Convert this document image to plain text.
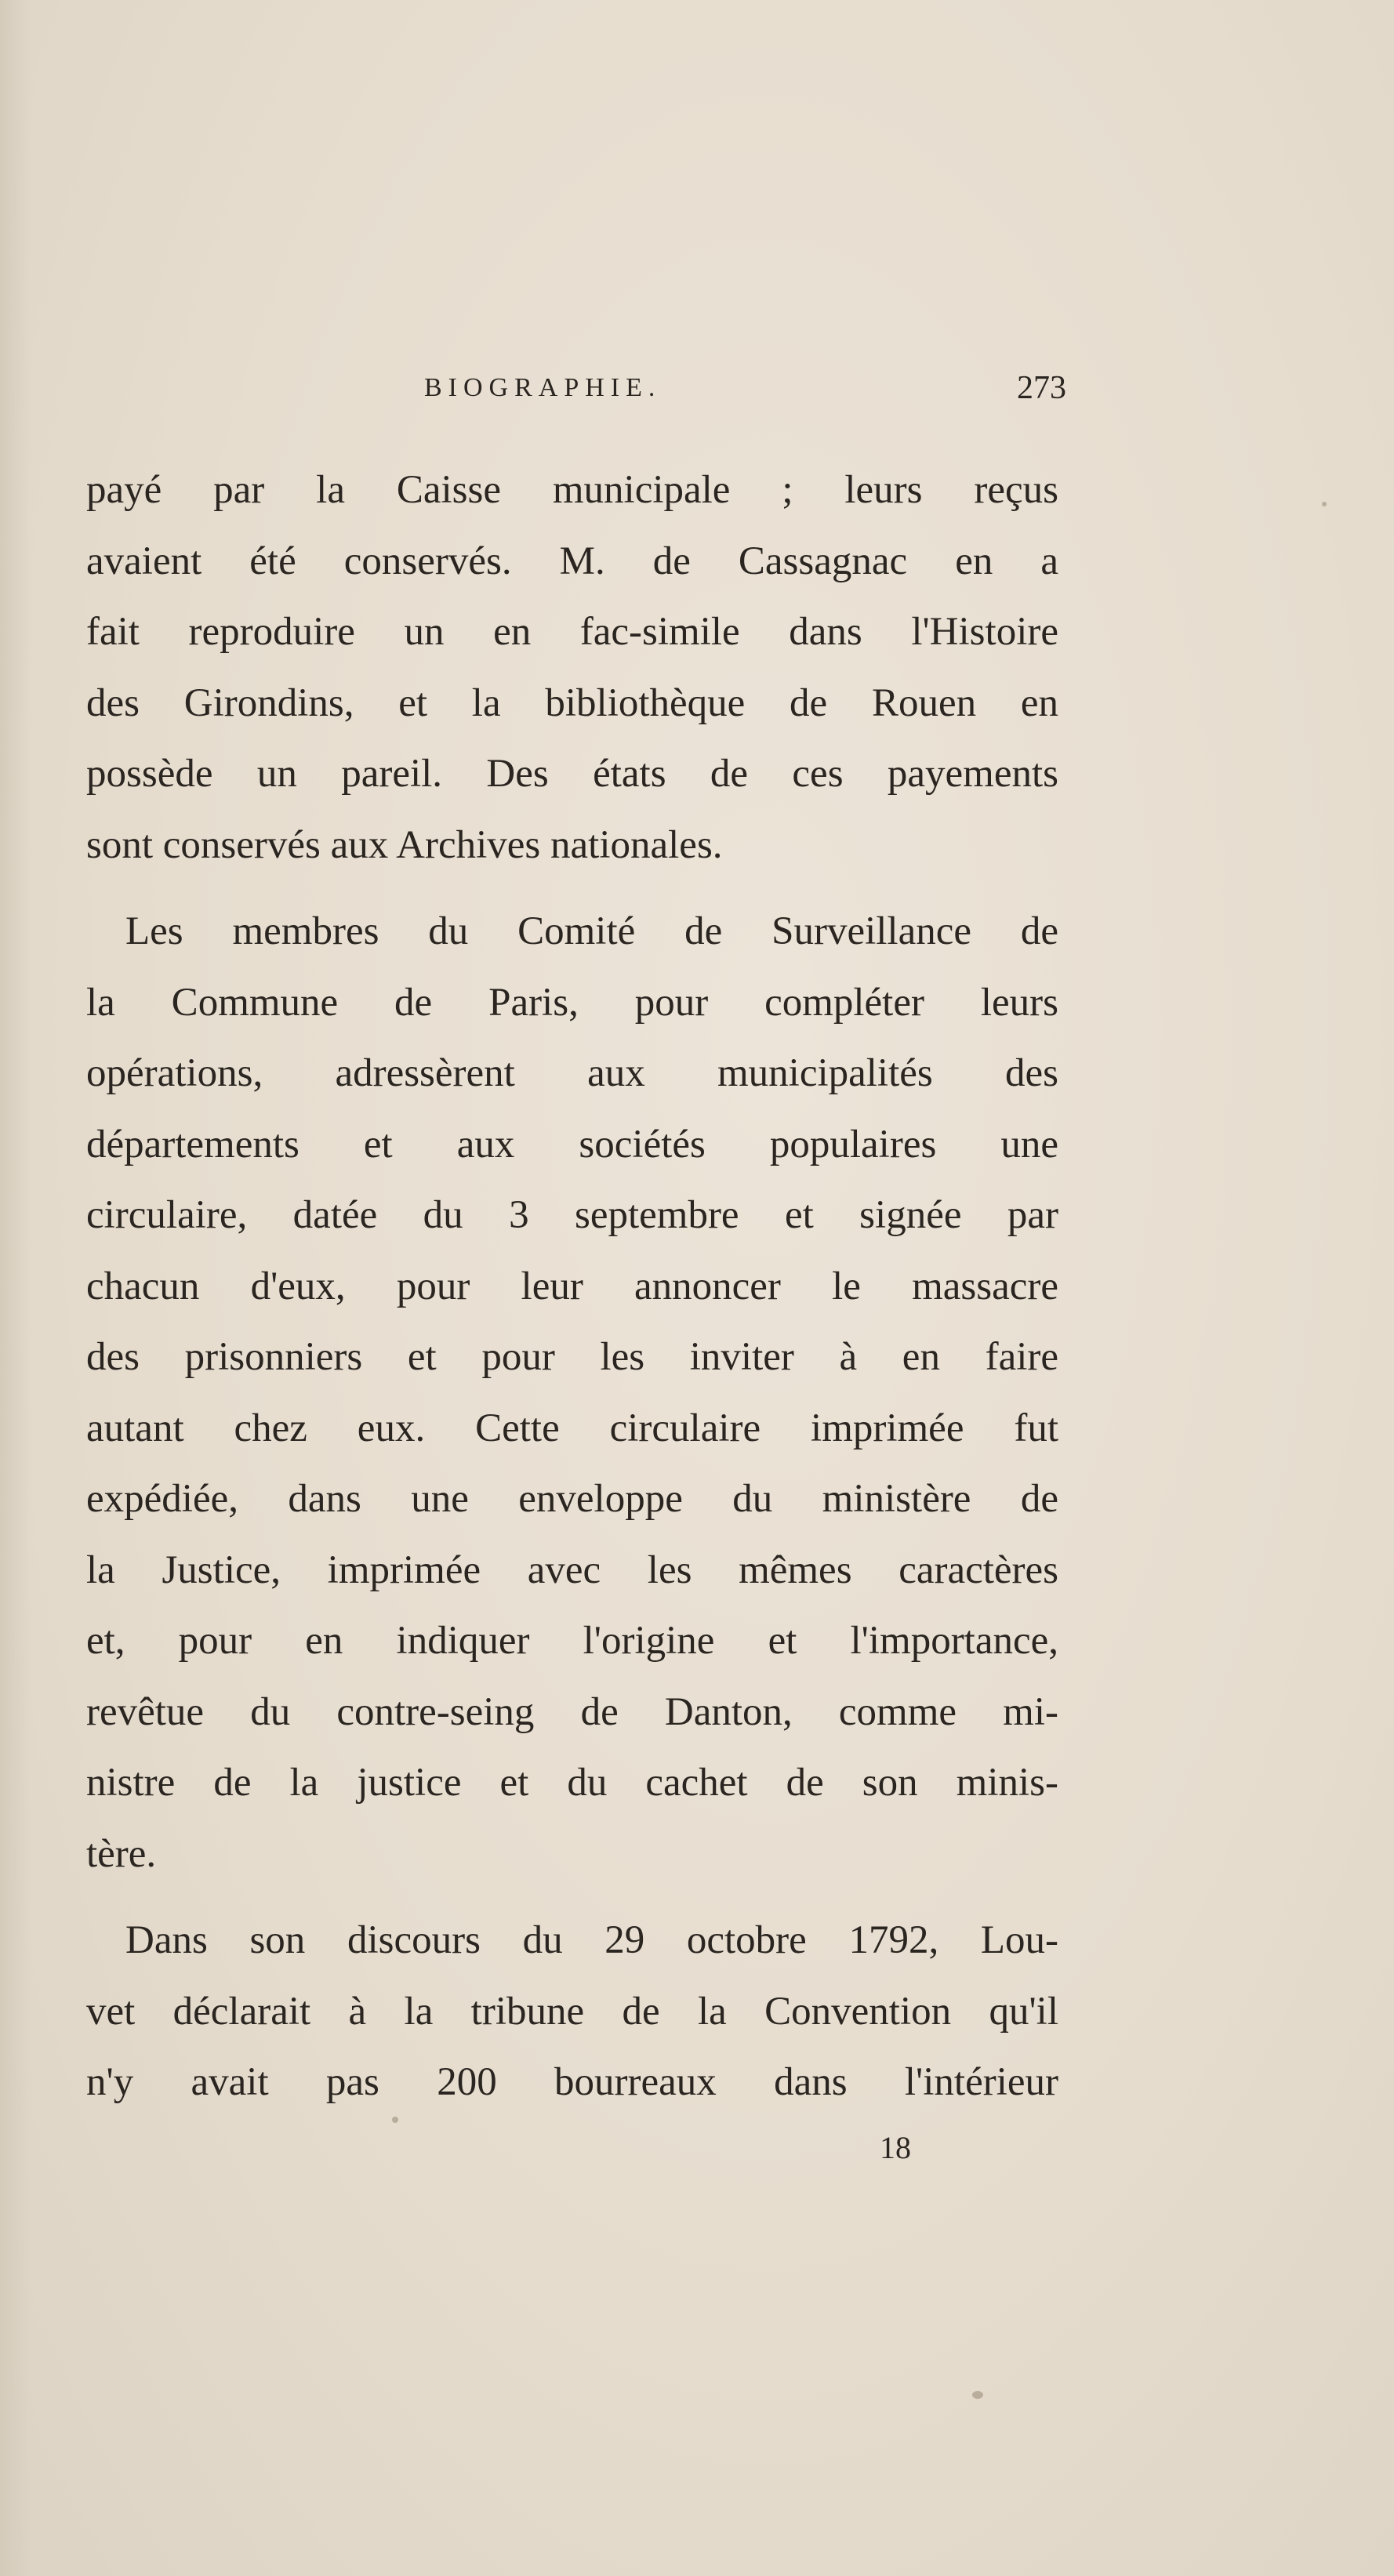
BIOGRAPHIE.	273

payé par la Caisse municipale ; leurs reçus
avaient été conservés. M. de Cassagnac en a
fait reproduire un en fac-simile dans l'Histoire
des Girondins, et la bibliothèque de Rouen en
possède un pareil. Des états de ces payements
sont conservés aux Archives nationales.

Les membres du Comité de Surveillance de
la Commune de Paris, pour compléter leurs
opérations, adressèrent aux municipalités des
départements et aux sociétés populaires une
circulaire, datée du 3 septembre et signée par
chacun d'eux, pour leur annoncer le massacre
des prisonniers et pour les inviter à en faire
autant chez eux. Cette circulaire imprimée fut
expédiée, dans une enveloppe du ministère de
la Justice, imprimée avec les mêmes caractères
et, pour en indiquer l'origine et l'importance,
revêtue du contre-seing de Danton, comme mi-
nistre de la justice et du cachet de son minis-
tère.

Dans son discours du 29 octobre 1792, Lou-
vet déclarait à la tribune de la Convention qu'il
n'y avait pas 200 bourreaux dans l'intérieur

18
